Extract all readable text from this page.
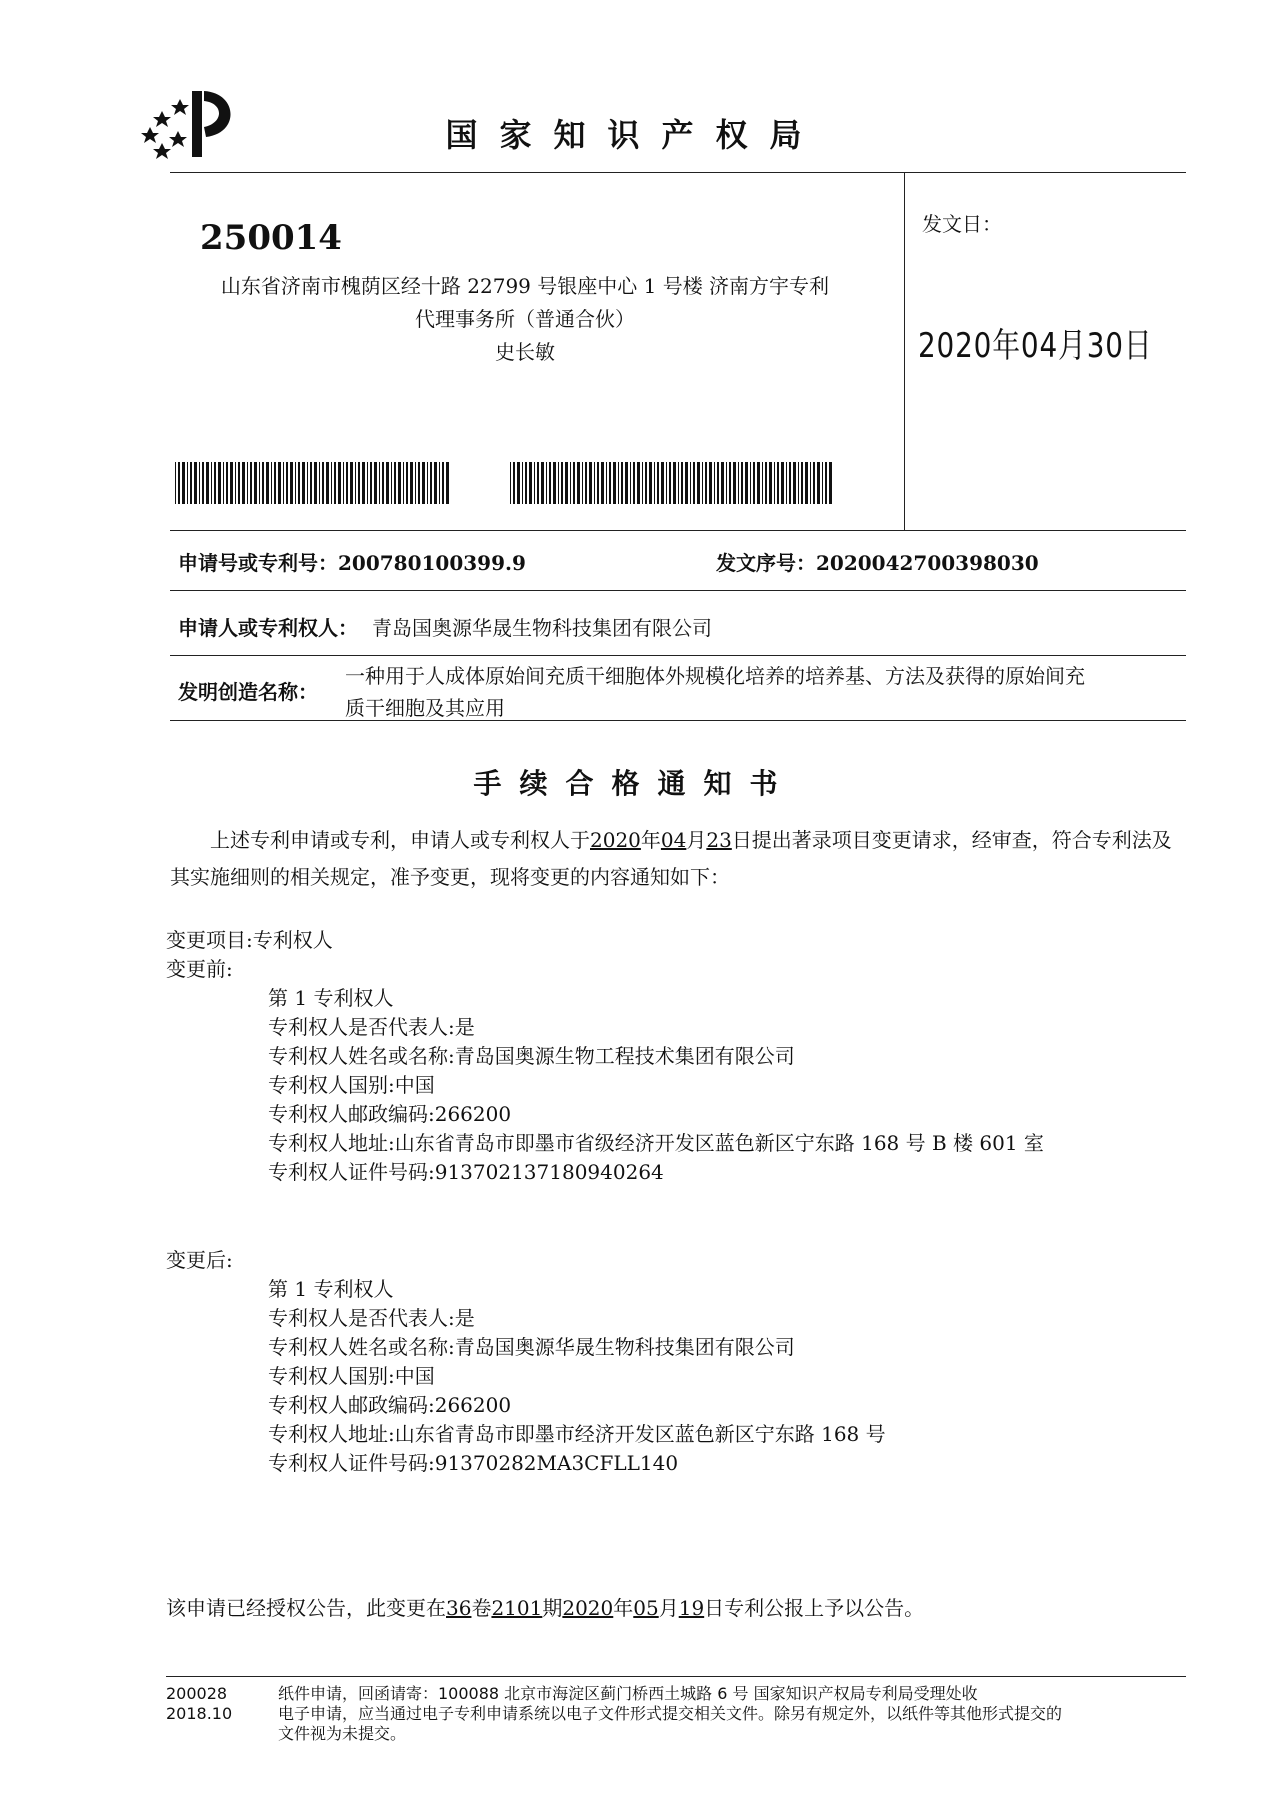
国家知识产权局
250014
山东省济南市槐荫区经十路 22799 号银座中心 1 号楼 济南方宇专利
代理事务所（普通合伙）
史长敏
发文日：
2020年04月30日
申请号或专利号：200780100399.9	发文序号：2020042700398030
申请人或专利权人： 青岛国奥源华晟生物科技集团有限公司
发明创造名称：
一种用于人成体原始间充质干细胞体外规模化培养的培养基、方法及获得的原始间充
质干细胞及其应用
手续合格通知书
上述专利申请或专利，申请人或专利权人于2020年04月23日提出著录项目变更请求，经审查，符合专利法及其实施细则的相关规定，准予变更，现将变更的内容通知如下：
变更项目:专利权人
变更前:
第 1 专利权人
专利权人是否代表人:是
专利权人姓名或名称:青岛国奥源生物工程技术集团有限公司
专利权人国别:中国
专利权人邮政编码:266200
专利权人地址:山东省青岛市即墨市省级经济开发区蓝色新区宁东路 168 号 B 楼 601 室
专利权人证件号码:913702137180940264
变更后:
第 1 专利权人
专利权人是否代表人:是
专利权人姓名或名称:青岛国奥源华晟生物科技集团有限公司
专利权人国别:中国
专利权人邮政编码:266200
专利权人地址:山东省青岛市即墨市经济开发区蓝色新区宁东路 168 号
专利权人证件号码:91370282MA3CFLL140
该申请已经授权公告，此变更在36卷2101期2020年05月19日专利公报上予以公告。
200028
2018.10
纸件申请，回函请寄：100088 北京市海淀区蓟门桥西土城路 6 号 国家知识产权局专利局受理处收
电子申请，应当通过电子专利申请系统以电子文件形式提交相关文件。除另有规定外，以纸件等其他形式提交的
文件视为未提交。
